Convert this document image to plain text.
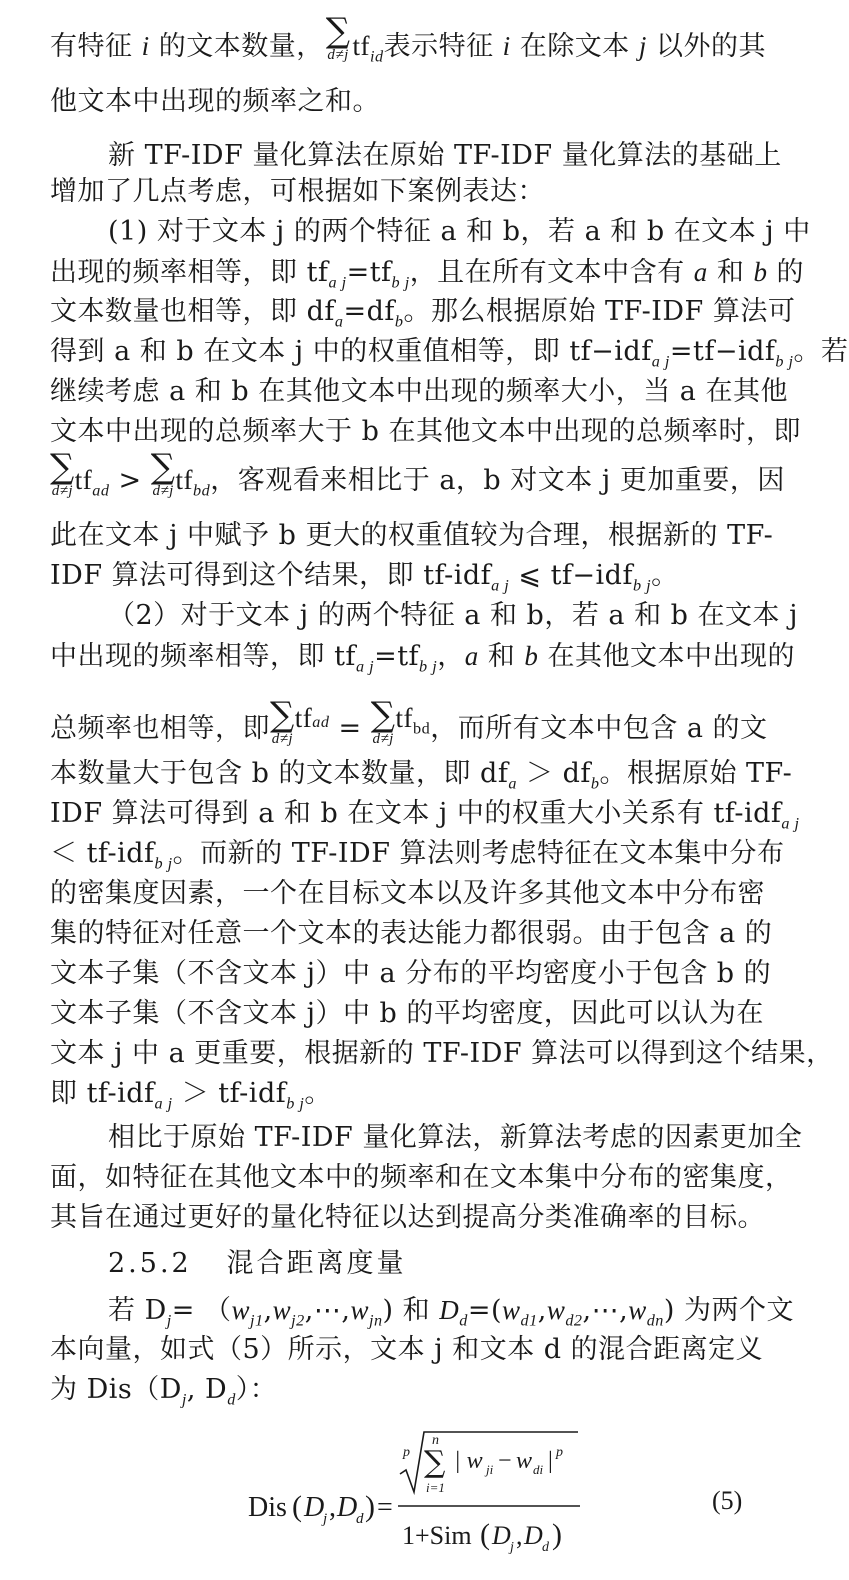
有特征 i 的文本数量， ∑
d≠j $tf_{id}$表示特征 i 在除文本 j 以外的其
他文本中出现的频率之和。
新 TF-IDF 量化算法在原始 TF-IDF 量化算法的基础上
增加了几点考虑，可根据如下案例表达：
(1) 对于文本 j 的两个特征 a 和 b，若 a 和 b 在文本 j 中
出现的频率相等，即 $tf_{a j}=tf_{b j}$，且在所有文本中含有 a 和 b 的
文本数量也相等，即 $df_a=df_b$。那么根据原始 TF-IDF 算法可
得到 a 和 b 在文本 j 中的权重值相等，即 tf−idf$_{a j}$=tf−idf$_{b j}$。若
继续考虑 a 和 b 在其他文本中出现的频率大小，当 a 在其他
文本中出现的总频率大于 b 在其他文本中出现的总频率时，即
∑
d≠j $tf_{ad}$ > ∑
d≠j $tf_{bd}$，客观看来相比于 a，b 对文本 j 更加重要，因
此在文本 j 中赋予 b 更大的权重值较为合理，根据新的 TF-
IDF 算法可得到这个结果，即 tf-idf$_{a j}$ ⩽ tf−idf$_{b j}$。
（2）对于文本 j 的两个特征 a 和 b，若 a 和 b 在文本 j
中出现的频率相等，即 $tf_{a j}=tf_{b j}$，a 和 b 在其他文本中出现的
总频率也相等，即 ∑
d≠j
$tf_{ad}$ = ∑
d≠j
$tf_{bd}$，而所有文本中包含 a 的文
本数量大于包含 b 的文本数量，即 $df_a > df_b$。根据原始 TF-
IDF 算法可得到 a 和 b 在文本 j 中的权重大小关系有 tf-idf$_{a j}$
＜ tf-idf$_{b j}$。而新的 TF-IDF 算法则考虑特征在文本集中分布
的密集度因素，一个在目标文本以及许多其他文本中分布密
集的特征对任意一个文本的表达能力都很弱。由于包含 a 的
文本子集（不含文本 j）中 a 分布的平均密度小于包含 b 的
文本子集（不含文本 j）中 b 的平均密度，因此可以认为在
文本 j 中 a 更重要，根据新的 TF-IDF 算法可以得到这个结果，
即 tf-idf$_{a j}$ ＞ tf-idf$_{b j}$。
相比于原始 TF-IDF 量化算法，新算法考虑的因素更加全
面，如特征在其他文本中的频率和在文本集中分布的密集度，
其旨在通过更好的量化特征以达到提高分类准确率的目标。
2.5.2 混合距离度量
若 $D_j=$ $(w_{j1},w_{j2},\cdots,w_{jn})$ 和 $D_d=(w_{d1},w_{d2},\cdots,w_{dn})$ 为两个文
本向量，如式（5）所示，文本 j 和文本 d 的混合距离定义
为 $Dis(D_j$, $D_d$）：
Dis ( D
j , D
d ) =
p
n
∑
i=1
| w ji − w di | p
1+Sim ( D j , D d )
(5)
